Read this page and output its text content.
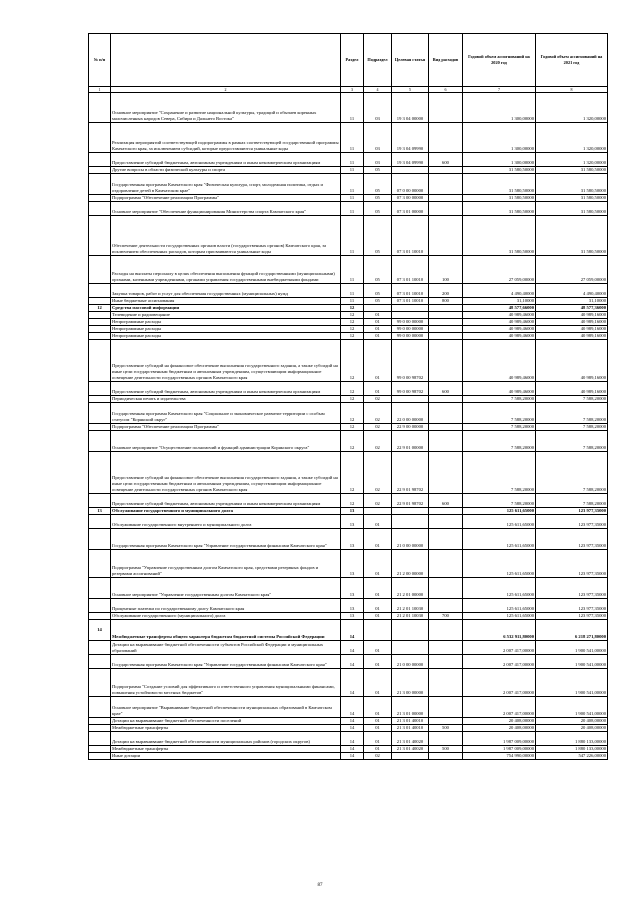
№ п/п		Раздел	Подраздел	Целевая статья	Вид расходов	Годовой объем ассигнований на 2020 год	Годовой объем ассигнований на 2021 год
1	2	3	4	5	6	7	8
	Основное мероприятие "Сохранение и развитие национальной культуры, традиций и обычаев коренных малочисленных народов Севера, Сибири и Дальнего Востока"	11	03	19 3 04 00000		1 300,00000	1 320,00000
	Реализация мероприятий соответствующей подпрограммы в рамках соответствующей государственной программы Камчатского края, за исключением субсидий, которые предоставляются уникальные коды	11	03	19 3 04 09990		1 300,00000	1 320,00000
	Предоставление субсидий бюджетным, автономным учреждениям и иным некоммерческим организациям	11	03	19 3 04 09990	600	1 300,00000	1 320,00000
	Другие вопросы в области физической культуры и спорта	11	05			31 580,50000	31 580,50000
	Государственная программа Камчатского края "Физическая культура, спорт, молодежная политика, отдых и оздоровление детей в Камчатском крае"	11	05	07 0 00 00000		31 580,50000	31 580,50000
	Подпрограмма "Обеспечение реализации Программы"	11	05	07 3 00 00000		31 580,50000	31 580,50000
	Основное мероприятие "Обеспечение функционирования Министерства спорта Камчатского края"	11	05	07 3 01 00000		31 580,50000	31 580,50000
	Обеспечение деятельности государственных органов власти (государственных органов) Камчатского края, за исключением обеспеченных расходов, которым присваиваются уникальные коды	11	05	07 3 01 10010		31 580,50000	31 580,50000
	Расходы на выплаты персоналу в целях обеспечения выполнения функций государственными (муниципальными) органами, казенными учреждениями, органами управления государственными внебюджетными фондами	11	05	07 3 01 10010	100	27 059,00000	27 059,00000
	Закупка товаров, работ и услуг для обеспечения государственных (муниципальных) нужд	11	05	07 3 01 10010	200	4 490,40000	4 490,40000
	Иные бюджетные ассигнования	11	05	07 3 01 10010	800	31,10000	31,10000
12	Средства массовой информации	12				48 577,66000	48 577,36000
	Телевидение и радиовещание	12	01			40 989,46000	40 989,16000
	Непрограммные расходы	12	01	99 0 00 00000		40 989,46000	40 989,16000
	Непрограммные расходы	12	01	99 0 00 00000		40 989,46000	40 989,16000
	Непрограммные расходы	12	01	99 0 00 00000		40 989,46000	40 989,16000
	Предоставление субсидий на финансовое обеспечение выполнения государственного задания, а также субсидий на иные цели государственным бюджетным и автономным учреждениям, осуществляющим информационное освещение деятельности государственных органов Камчатского края	12	01	99 0 00 98702		40 989,46000	40 989,16000
	Предоставление субсидий бюджетным, автономным учреждениям и иным некоммерческим организациям	12	01	99 0 00 98702	600	40 989,46000	40 989,16000
	Периодическая печать и издательства	12	02			7 588,20000	7 588,20000
	Государственная программа Камчатского края "Социальное и экономическое развитие территории с особым статусом "Корякский округ"	12	02	22 0 00 00000		7 588,20000	7 588,20000
	Подпрограмма "Обеспечение реализации Программы"	12	02	22 9 00 00000		7 588,20000	7 588,20000
	Основное мероприятие "Осуществление полномочий и функций администрации Корякского округа"	12	02	22 9 01 00000		7 588,20000	7 588,20000
	Предоставление субсидий на финансовое обеспечение выполнения государственного задания, а также субсидий на иные цели государственным бюджетным и автономным учреждениям, осуществляющим информационное освещение деятельности государственных органов Камчатского края	12	02	22 9 01 98702		7 588,20000	7 588,20000
	Предоставление субсидий бюджетным, автономным учреждениям и иным некоммерческим организациям	12	02	22 9 01 98702	600	7 588,20000	7 588,20000
13	Обслуживание государственного и муниципального долга	13				125 611,65000	123 977,35000
	Обслуживание государственного внутреннего и муниципального долга	13	01			125 611,65000	123 977,35000
	Государственная программа Камчатского края "Управление государственными финансами Камчатского края"	13	01	21 0 00 00000		125 611,65000	123 977,35000
	Подпрограмма "Управление государственным долгом Камчатского края, средствами резервных фондов и резервами ассигнований"	13	01	21 2 00 00000		125 611,65000	123 977,35000
	Основное мероприятие "Управление государственным долгом Камчатского края"	13	01	21 2 01 00000		125 611,65000	123 977,35000
	Процентные платежи по государственному долгу Камчатского края	13	01	21 2 01 10030		125 611,65000	123 977,35000
	Обслуживание государственного (муниципального) долга	13	01	21 2 01 10030	700	125 611,65000	123 977,35000
14	Межбюджетные трансферты общего характера бюджетам бюджетной системы Российской Федерации	14				6 532 911,80000	6 218 271,80000
	Дотации на выравнивание бюджетной обеспеченности субъектов Российской Федерации и муниципальных образований	14	01			2 007 417,00000	1 900 541,00000
	Государственная программа Камчатского края "Управление государственными финансами Камчатского края"	14	01	21 0 00 00000		2 007 417,00000	1 900 541,00000
	Подпрограмма "Создание условий для эффективного и ответственного управления муниципальными финансами, повышения устойчивости местных бюджетов"	14	01	21 3 00 00000		2 007 417,00000	1 900 541,00000
	Основное мероприятие "Выравнивание бюджетной обеспеченности муниципальных образований в Камчатском крае"	14	01	21 3 01 00000		2 007 417,00000	1 900 541,00000
	Дотации на выравнивание бюджетной обеспеченности поселений	14	01	21 3 01 40010		20 408,00000	20 408,00000
	Межбюджетные трансферты	14	01	21 3 01 40010	500	20 408,00000	20 408,00000
	Дотации на выравнивание бюджетной обеспеченности муниципальных районов (городских округов)	14	01	21 3 01 40020		1 987 009,00000	1 880 133,00000
	Межбюджетные трансферты	14	01	21 3 01 40020	500	1 987 009,00000	1 880 133,00000
	Иные дотации	14	02			754 990,00000	547 226,00000
87
